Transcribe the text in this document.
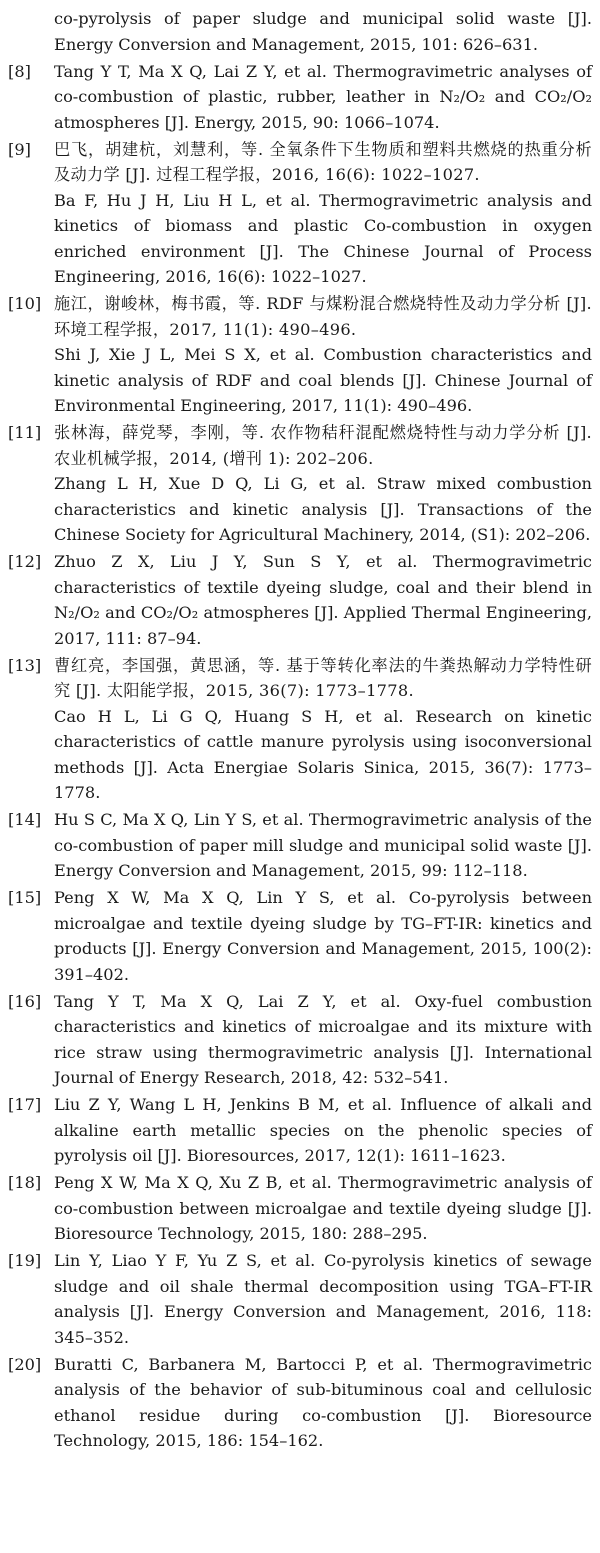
co-pyrolysis of paper sludge and municipal solid waste [J]. Energy Conversion and Management, 2015, 101: 626–631.
[8]	Tang Y T, Ma X Q, Lai Z Y, et al. Thermogravimetric analyses of co-combustion of plastic, rubber, leather in N₂/O₂ and CO₂/O₂ atmospheres [J]. Energy, 2015, 90: 1066–1074.
[9]	巴飞，胡建杭，刘慧利，等. 全氧条件下生物质和塑料共燃烧的热重分析及动力学 [J]. 过程工程学报，2016, 16(6): 1022–1027.
Ba F, Hu J H, Liu H L, et al. Thermogravimetric analysis and kinetics of biomass and plastic Co-combustion in oxygen enriched environment [J]. The Chinese Journal of Process Engineering, 2016, 16(6): 1022–1027.
[10] 施江，谢峻林，梅书霞，等. RDF 与煤粉混合燃烧特性及动力学分析 [J]. 环境工程学报，2017, 11(1): 490–496.
Shi J, Xie J L, Mei S X, et al. Combustion characteristics and kinetic analysis of RDF and coal blends [J]. Chinese Journal of Environmental Engineering, 2017, 11(1): 490–496.
[11] 张林海，薛党琴，李刚，等. 农作物秸秆混配燃烧特性与动力学分析 [J]. 农业机械学报，2014, (增刊 1): 202–206.
Zhang L H, Xue D Q, Li G, et al. Straw mixed combustion characteristics and kinetic analysis [J]. Transactions of the Chinese Society for Agricultural Machinery, 2014, (S1): 202–206.
[12] Zhuo Z X, Liu J Y, Sun S Y, et al. Thermogravimetric characteristics of textile dyeing sludge, coal and their blend in N₂/O₂ and CO₂/O₂ atmospheres [J]. Applied Thermal Engineering, 2017, 111: 87–94.
[13] 曹红亮，李国强，黄思涵，等. 基于等转化率法的牛粪热解动力学特性研究 [J]. 太阳能学报，2015, 36(7): 1773–1778.
Cao H L, Li G Q, Huang S H, et al. Research on kinetic characteristics of cattle manure pyrolysis using isoconversional methods [J]. Acta Energiae Solaris Sinica, 2015, 36(7): 1773–1778.
[14] Hu S C, Ma X Q, Lin Y S, et al. Thermogravimetric analysis of the co-combustion of paper mill sludge and municipal solid waste [J]. Energy Conversion and Management, 2015, 99: 112–118.
[15] Peng X W, Ma X Q, Lin Y S, et al. Co-pyrolysis between microalgae and textile dyeing sludge by TG–FT-IR: kinetics and products [J]. Energy Conversion and Management, 2015, 100(2): 391–402.
[16] Tang Y T, Ma X Q, Lai Z Y, et al. Oxy-fuel combustion characteristics and kinetics of microalgae and its mixture with rice straw using thermogravimetric analysis [J]. International Journal of Energy Research, 2018, 42: 532–541.
[17] Liu Z Y, Wang L H, Jenkins B M, et al. Influence of alkali and alkaline earth metallic species on the phenolic species of pyrolysis oil [J]. Bioresources, 2017, 12(1): 1611–1623.
[18] Peng X W, Ma X Q, Xu Z B, et al. Thermogravimetric analysis of co-combustion between microalgae and textile dyeing sludge [J]. Bioresource Technology, 2015, 180: 288–295.
[19] Lin Y, Liao Y F, Yu Z S, et al. Co-pyrolysis kinetics of sewage sludge and oil shale thermal decomposition using TGA–FT-IR analysis [J]. Energy Conversion and Management, 2016, 118: 345–352.
[20] Buratti C, Barbanera M, Bartocci P, et al. Thermogravimetric analysis of the behavior of sub-bituminous coal and cellulosic ethanol residue during co-combustion [J]. Bioresource Technology, 2015, 186: 154–162.
